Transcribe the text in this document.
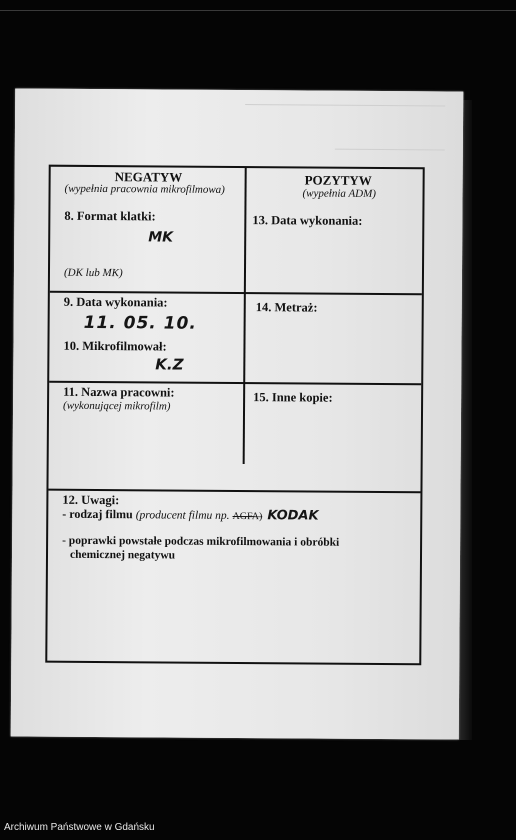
NEGATYW
(wypełnia pracownia mikrofilmowa)
POZYTYW
(wypełnia ADM)
8. Format klatki:
MK
(DK lub MK)
13. Data wykonania:
9. Data wykonania:
11. 05. 10.
10. Mikrofilmował:
K.Z
14. Metraż:
11. Nazwa pracowni:
(wykonującej mikrofilm)
15. Inne kopie:
12. Uwagi:
- rodzaj filmu (producent filmu np. AGFA) KODAK
- poprawki powstałe podczas mikrofilmowania i obróbki
chemicznej negatywu
Archiwum Państwowe w Gdańsku
